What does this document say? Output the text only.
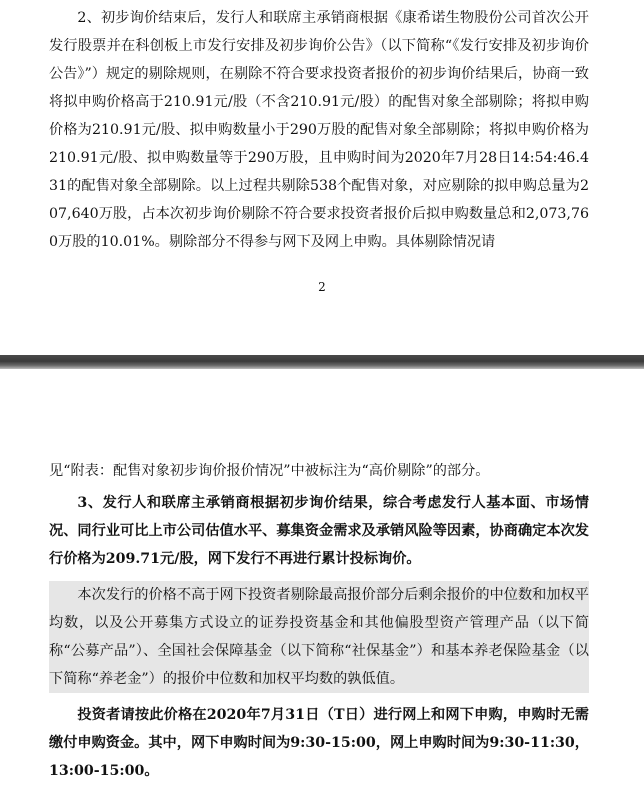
2、初步询价结束后，发行人和联席主承销商根据《康希诺生物股份公司首次公开发行股票并在科创板上市发行安排及初步询价公告》（以下简称“《发行安排及初步询价公告》”）规定的剔除规则，在剔除不符合要求投资者报价的初步询价结果后，协商一致将拟申购价格高于210.91元/股（不含210.91元/股）的配售对象全部剔除；将拟申购价格为210.91元/股、拟申购数量小于290万股的配售对象全部剔除；将拟申购价格为210.91元/股、拟申购数量等于290万股，且申购时间为2020年7月28日14:54:46.431的配售对象全部剔除。以上过程共剔除538个配售对象，对应剔除的拟申购总量为207,640万股，占本次初步询价剔除不符合要求投资者报价后拟申购数量总和2,073,760万股的10.01%。剔除部分不得参与网下及网上申购。具体剔除情况请

2

见“附表：配售对象初步询价报价情况”中被标注为“高价剔除”的部分。

3、发行人和联席主承销商根据初步询价结果，综合考虑发行人基本面、市场情况、同行业可比上市公司估值水平、募集资金需求及承销风险等因素，协商确定本次发行价格为209.71元/股，网下发行不再进行累计投标询价。

本次发行的价格不高于网下投资者剔除最高报价部分后剩余报价的中位数和加权平均数，以及公开募集方式设立的证券投资基金和其他偏股型资产管理产品（以下简称“公募产品”）、全国社会保障基金（以下简称“社保基金”）和基本养老保险基金（以下简称“养老金”）的报价中位数和加权平均数的孰低值。

投资者请按此价格在2020年7月31日（T日）进行网上和网下申购，申购时无需缴付申购资金。其中，网下申购时间为9:30-15:00，网上申购时间为9:30-11:30，13:00-15:00。
